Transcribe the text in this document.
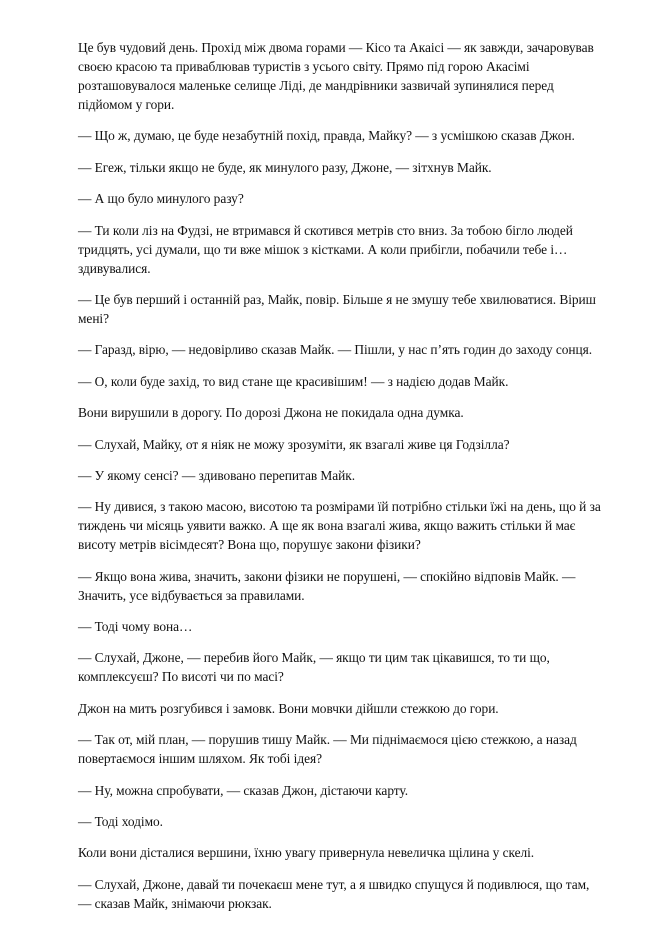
Це був чудовий день. Прохід між двома горами — Кісо та Акаісі — як завжди, зачаровував своєю красою та приваблював туристів з усього світу. Прямо під горою Акасімі розташовувалося маленьке селище Ліді, де мандрівники зазвичай зупинялися перед підйомом у гори.

— Що ж, думаю, це буде незабутній похід, правда, Майку? — з усмішкою сказав Джон.

— Егеж, тільки якщо не буде, як минулого разу, Джоне, — зітхнув Майк.

— А що було минулого разу?

— Ти коли ліз на Фудзі, не втримався й скотився метрів сто вниз. За тобою бігло людей тридцять, усі думали, що ти вже мішок з кістками. А коли прибігли, побачили тебе і… здивувалися.

— Це був перший і останній раз, Майк, повір. Більше я не змушу тебе хвилюватися. Віриш мені?

— Гаразд, вірю, — недовірливо сказав Майк. — Пішли, у нас п’ять годин до заходу сонця.

— О, коли буде захід, то вид стане ще красивішим! — з надією додав Майк.

Вони вирушили в дорогу. По дорозі Джона не покидала одна думка.

— Слухай, Майку, от я ніяк не можу зрозуміти, як взагалі живе ця Годзілла?

— У якому сенсі? — здивовано перепитав Майк.

— Ну дивися, з такою масою, висотою та розмірами їй потрібно стільки їжі на день, що й за тиждень чи місяць уявити важко. А ще як вона взагалі жива, якщо важить стільки й має висоту метрів вісімдесят? Вона що, порушує закони фізики?

— Якщо вона жива, значить, закони фізики не порушені, — спокійно відповів Майк. — Значить, усе відбувається за правилами.

— Тоді чому вона…

— Слухай, Джоне, — перебив його Майк, — якщо ти цим так цікавишся, то ти що, комплексуєш? По висоті чи по масі?

Джон на мить розгубився і замовк. Вони мовчки дійшли стежкою до гори.

— Так от, мій план, — порушив тишу Майк. — Ми піднімаємося цією стежкою, а назад повертаємося іншим шляхом. Як тобі ідея?

— Ну, можна спробувати, — сказав Джон, дістаючи карту.

— Тоді ходімо.

Коли вони дісталися вершини, їхню увагу привернула невеличка щілина у скелі.

— Слухай, Джоне, давай ти почекаєш мене тут, а я швидко спущуся й подивлюся, що там, — сказав Майк, знімаючи рюкзак.
